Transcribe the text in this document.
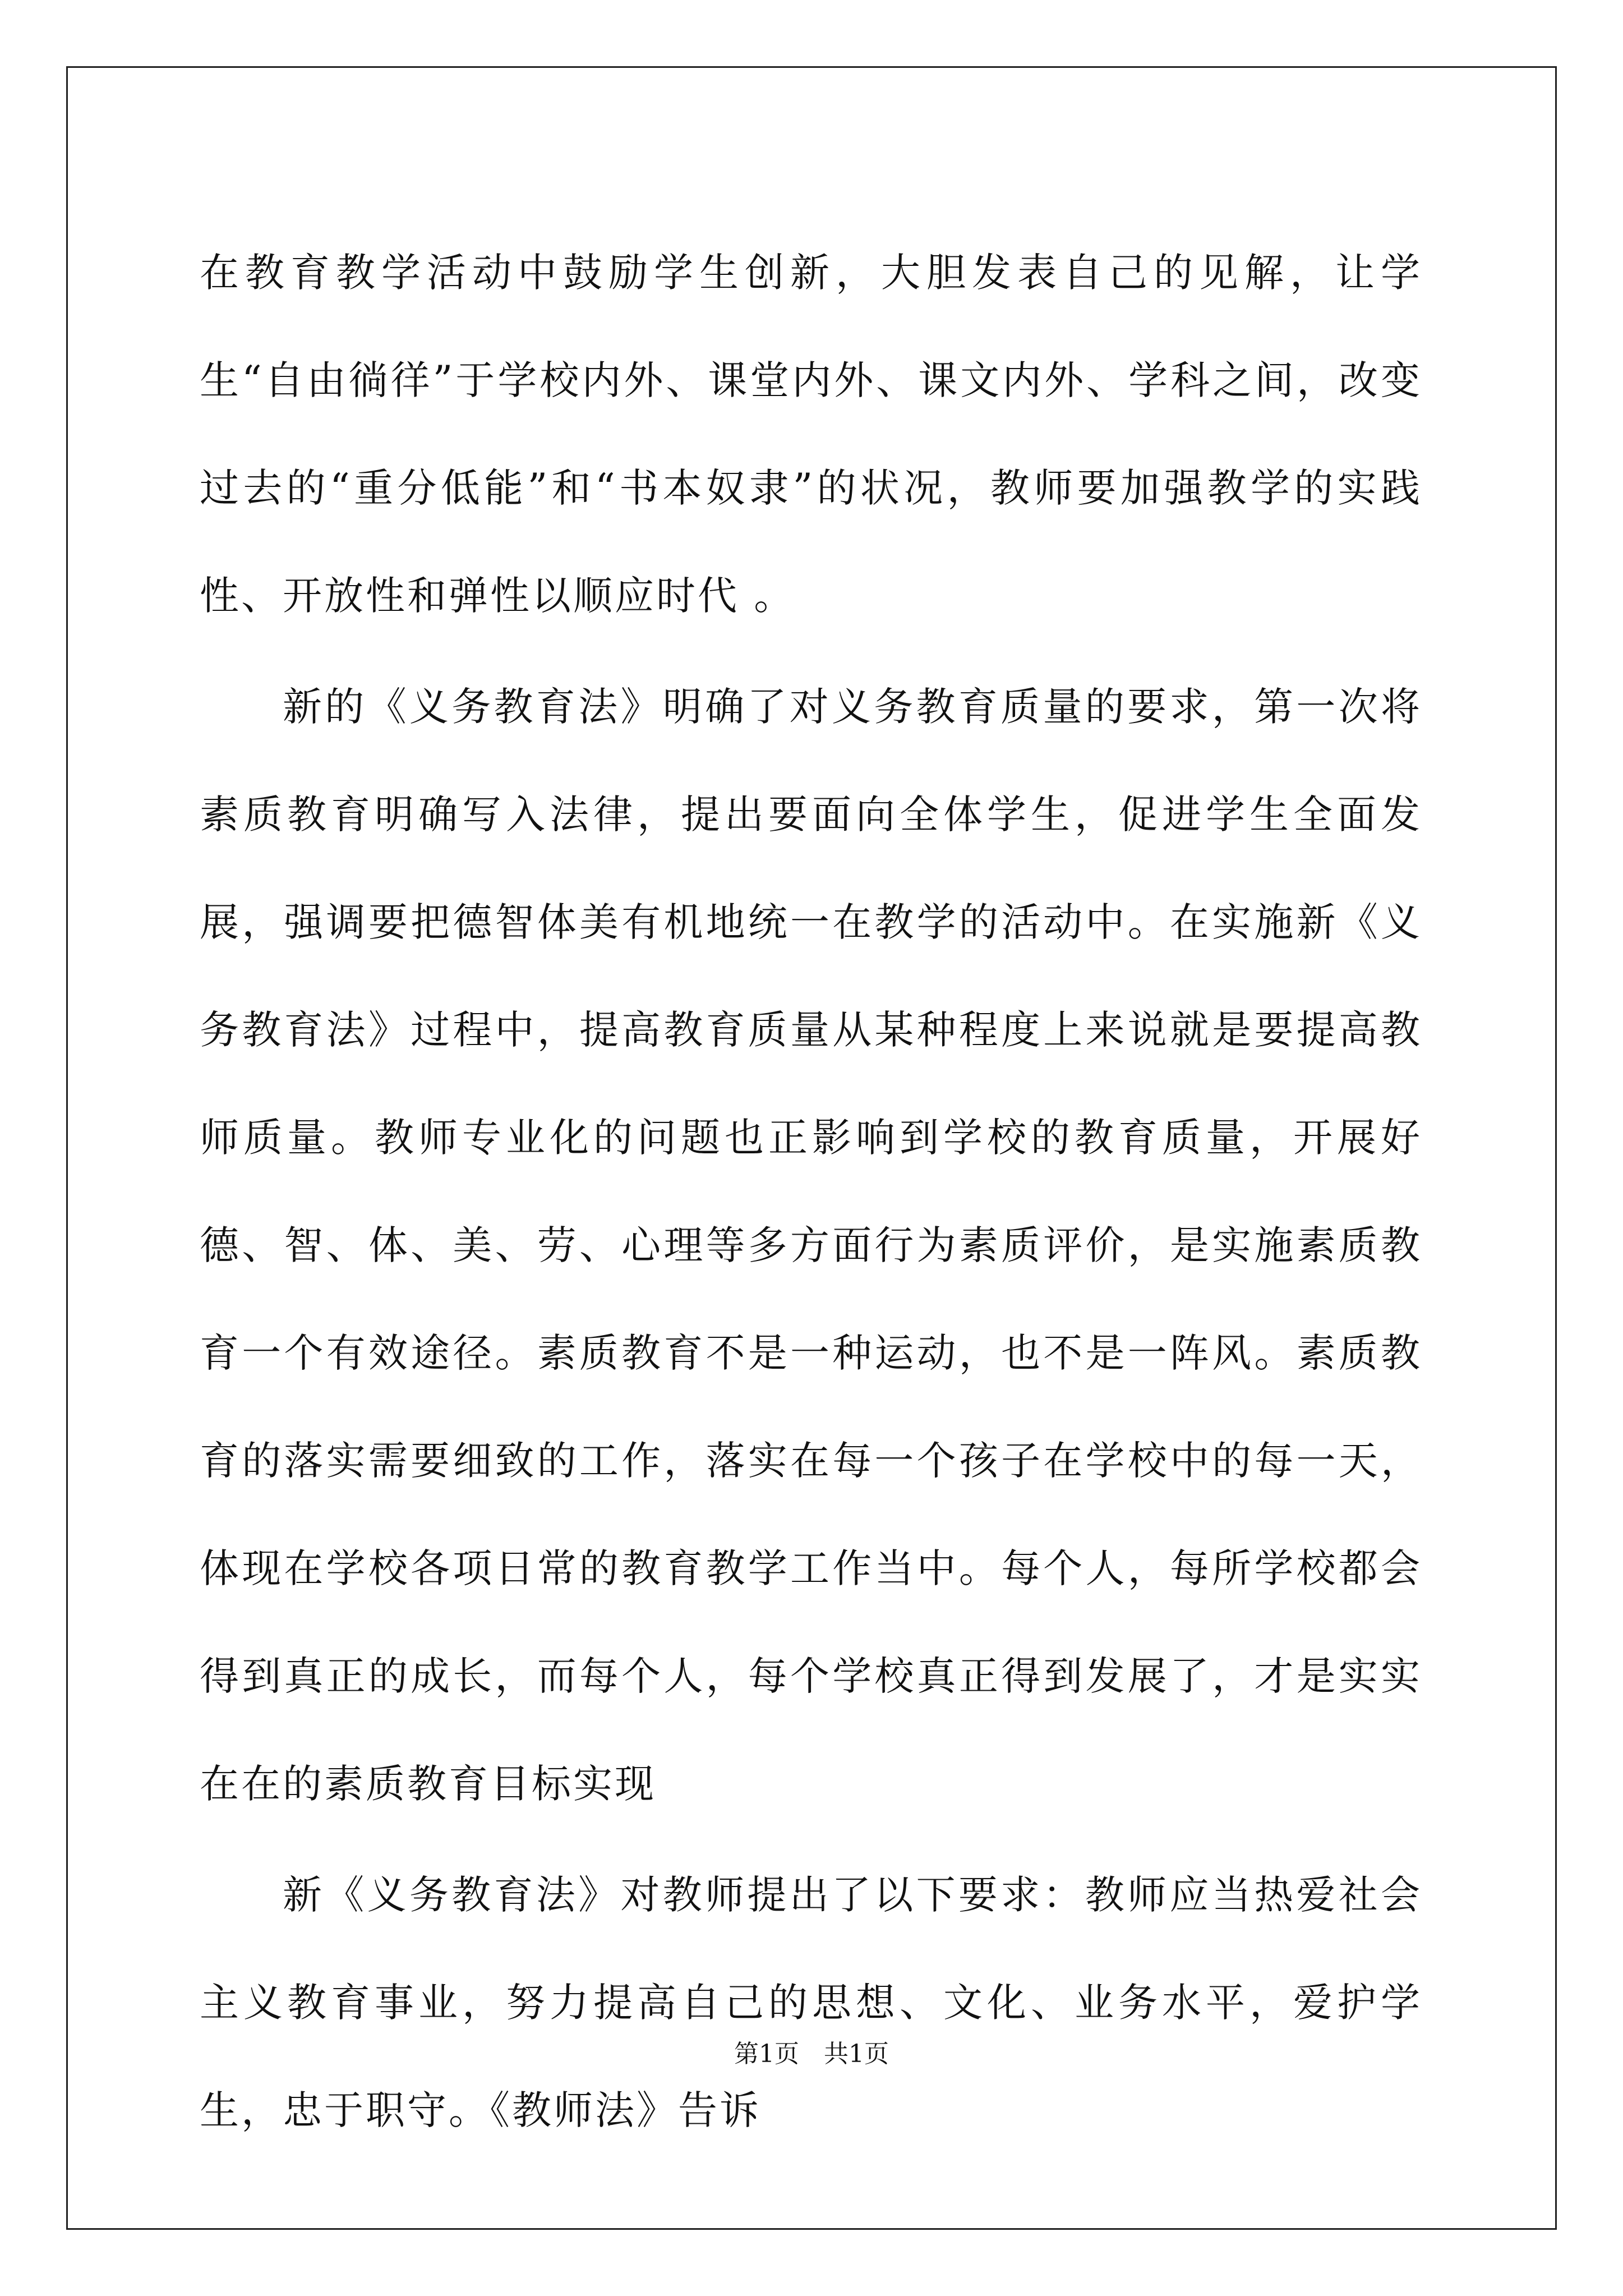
在教育教学活动中鼓励学生创新，大胆发表自己的见解，让学生“自由徜徉”于学校内外、课堂内外、课文内外、学科之间，改变过去的“重分低能”和“书本奴隶”的状况，教师要加强教学的实践性、开放性和弹性以顺应时代 。

新的《义务教育法》明确了对义务教育质量的要求，第一次将素质教育明确写入法律，提出要面向全体学生，促进学生全面发展，强调要把德智体美有机地统一在教学的活动中。在实施新《义务教育法》过程中，提高教育质量从某种程度上来说就是要提高教师质量。教师专业化的问题也正影响到学校的教育质量，开展好德、智、体、美、劳、心理等多方面行为素质评价，是实施素质教育一个有效途径。素质教育不是一种运动，也不是一阵风。素质教育的落实需要细致的工作，落实在每一个孩子在学校中的每一天，体现在学校各项日常的教育教学工作当中。每个人，每所学校都会得到真正的成长，而每个人，每个学校真正得到发展了，才是实实在在的素质教育目标实现

新《义务教育法》对教师提出了以下要求：教师应当热爱社会主义教育事业，努力提高自己的思想、文化、业务水平，爱护学生，忠于职守。《教师法》告诉

第1页　共1页
